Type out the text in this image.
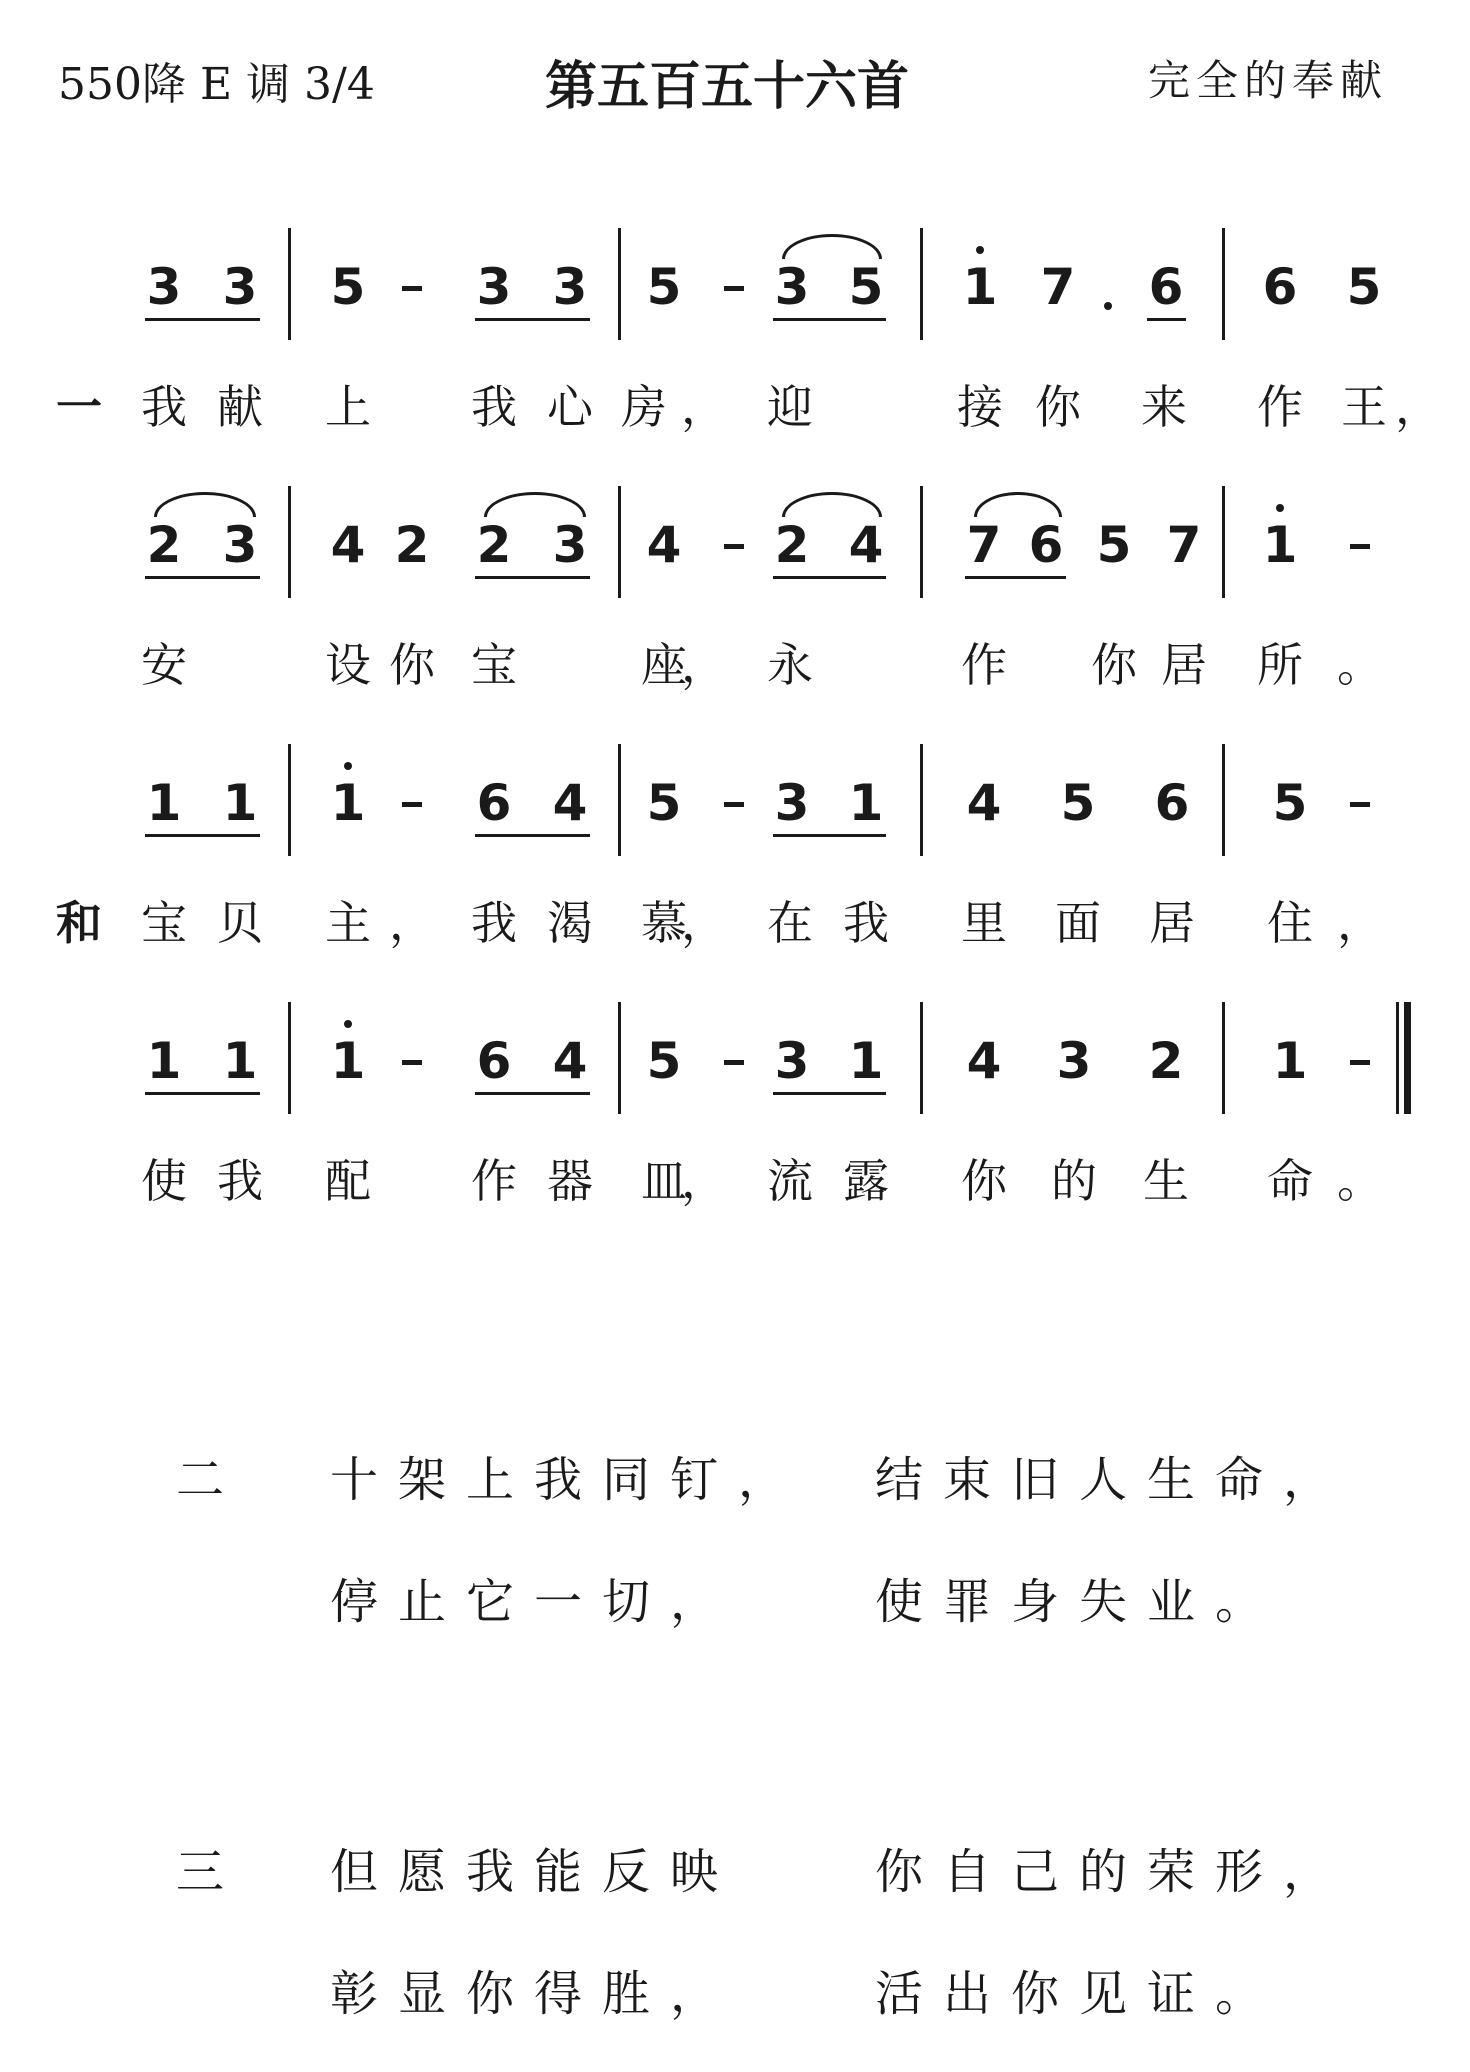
550降 E 调 3/4	第五百五十六首	完全的奉献
3 3 5 3 3 5 3 5 1 7 6 6 5
一 我 献 上 我 心 房 ， 迎	接 你 来 作 王 ，
2 3 4 2 2 3 4 2 4 7 6 5 7 1
安	设 你 宝	座
， 永	作 你 居 所 。
1 1 1 6 4 5 3 1 4 5 6 5
和 宝 贝 主 ， 我 渴 慕
， 在 我 里 面 居 住 ，
1 1 1 6 4 5 3 1 4 3 2 1
使 我 配 作 器 皿
， 流 露 你 的 生 命 。
二 十架上我同钉， 结束旧人生命，
停止它一切，	使罪身失业。
三 但愿我能反映	你自己的荣形，
彰显你得胜，	活出你见证。
